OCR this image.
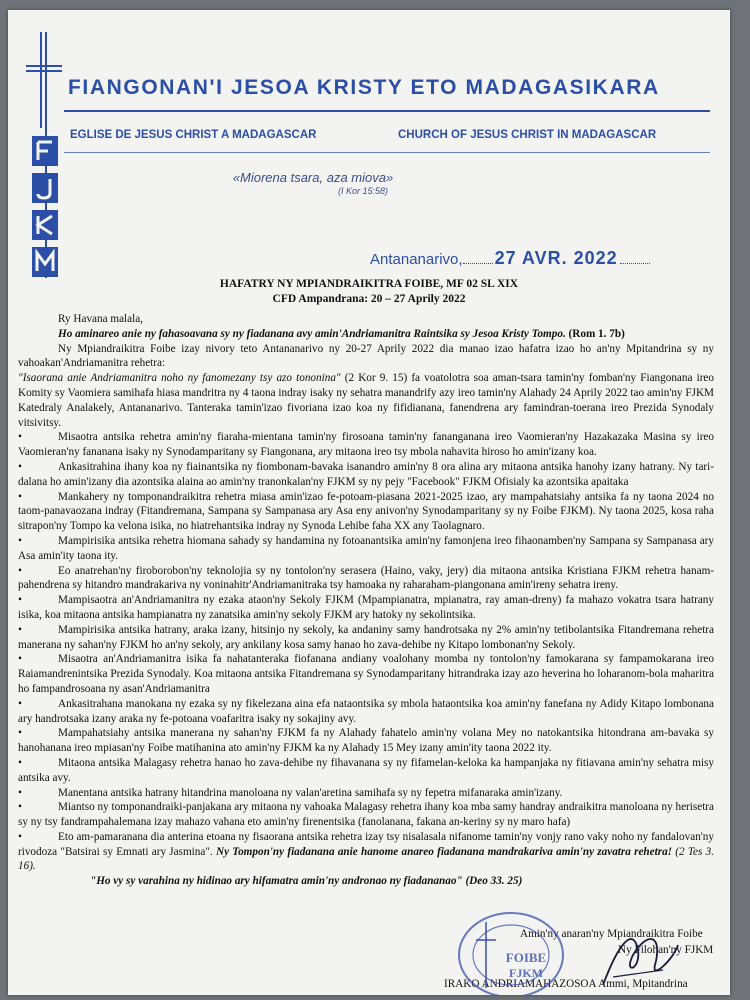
FIANGONAN'I JESOA KRISTY ETO MADAGASIKARA
EGLISE DE JESUS CHRIST A MADAGASCAR	CHURCH OF JESUS CHRIST IN MADAGASCAR
«Miorena tsara, aza miova»
(I Kor 15:58)
Antananarivo, 27 AVR. 2022
HAFATRY NY MPIANDRAIKITRA FOIBE, MF 02 SL XIX
CFD Ampandrana: 20 – 27 Aprily 2022

Ry Havana malala,

Ho aminareo anie ny fahasoavana sy ny fiadanana avy amin'Andriamanitra Raintsika sy Jesoa Kristy Tompo. (Rom 1. 7b)

Ny Mpiandraikitra Foibe izay nivory teto Antananarivo ny 20-27 Aprily 2022 dia manao izao hafatra izao ho an'ny Mpitandrina sy ny vahoakan'Andriamanitra rehetra:

"Isaorana anie Andriamanitra noho ny fanomezany tsy azo tononina" (2 Kor 9. 15) fa voatolotra soa aman-tsara tamin'ny fomban'ny Fiangonana ireo Komity sy Vaomiera samihafa hiasa mandritra ny 4 taona indray isaky ny sehatra manandrify azy ireo tamin'ny Alahady 24 Aprily 2022 tao amin'ny FJKM Katedraly Analakely, Antananarivo. Tanteraka tamin'izao fivoriana izao koa ny fifidianana, fanendrena ary famindran-toerana ireo Prezida Synodaly vitsivitsy.

•	Misaotra antsika rehetra amin'ny fiaraha-mientana tamin'ny firosoana tamin'ny fananganana ireo Vaomieran'ny Hazakazaka Masina sy ireo Vaomieran'ny fananana isaky ny Synodamparitany sy Fiangonana, ary mitaona ireo tsy mbola nahavita hiroso ho amin'izany koa.

•	Ankasitrahina ihany koa ny fiainantsika ny fiombonam-bavaka isanandro amin'ny 8 ora alina ary mitaona antsika hanohy izany hatrany. Ny tari-dalana ho amin'izany dia azontsika alaina ao amin'ny tranonkalan'ny FJKM sy ny pejy "Facebook" FJKM Ofisialy ka azontsika apaitaka

•	Mankahery ny tomponandraikitra rehetra miasa amin'izao fe-potoam-piasana 2021-2025 izao, ary mampahatsiahy antsika fa ny taona 2024 no taom-panavaozana indray (Fitandremana, Sampana sy Sampanasa ary Asa eny anivon'ny Synodamparitany sy ny Foibe FJKM). Ny taona 2025, kosa raha sitrapon'ny Tompo ka velona isika, no hiatrehantsika indray ny Synoda Lehibe faha XX any Taolagnaro.

•	Mampirisika antsika rehetra hiomana sahady sy handamina ny fotoanantsika amin'ny famonjena ireo fihaonamben'ny Sampana sy Sampanasa ary Asa amin'ity taona ity.

•	Eo anatrehan'ny firoborobon'ny teknolojia sy ny tontolon'ny serasera (Haino, vaky, jery) dia mitaona antsika Kristiana FJKM rehetra hanam-pahendrena sy hitandro mandrakariva ny voninahitr'Andriamanitraka tsy hamoaka ny raharaham-piangonana amin'ireny sehatra ireny.

•	Mampisaotra an'Andriamanitra ny ezaka ataon'ny Sekoly FJKM (Mpampianatra, mpianatra, ray aman-dreny) fa mahazo vokatra tsara hatrany isika, koa mitaona antsika hampianatra ny zanatsika amin'ny sekoly FJKM ary hatoky ny sekolintsika.

•	Mampirisika antsika hatrany, araka izany, hitsinjo ny sekoly, ka andaniny samy handrotsaka ny 2% amin'ny tetibolantsika Fitandremana rehetra manerana ny sahan'ny FJKM ho an'ny sekoly, ary ankilany kosa samy hanao ho zava-dehibe ny Kitapo lombonan'ny Sekoly.

•	Misaotra an'Andriamanitra isika fa nahatanteraka fiofanana andiany voalohany momba ny tontolon'ny famokarana sy fampamokarana ireo Raiamandrenintsika Prezida Synodaly. Koa mitaona antsika Fitandremana sy Synodamparitany hitrandraka izay azo heverina ho loharanom-bola maharitra ho fampandrosoana ny asan'Andriamanitra

•	Ankasitrahana manokana ny ezaka sy ny fikelezana aina efa nataontsika sy mbola hataontsika koa amin'ny fanefana ny Adidy Kitapo lombonana ary handrotsaka izany araka ny fe-potoana voafaritra isaky ny sokajiny avy.

•	Mampahatsiahy antsika manerana ny sahan'ny FJKM fa ny Alahady fahatelo amin'ny volana Mey no natokantsika hitondrana am-bavaka sy hanohanana ireo mpiasan'ny Foibe matihanina ato amin'ny FJKM ka ny Alahady 15 Mey izany amin'ity taona 2022 ity.

•	Mitaona antsika Malagasy rehetra hanao ho zava-dehibe ny fihavanana sy ny fifamelan-keloka ka hampanjaka ny fitiavana amin'ny sehatra misy antsika avy.

•	Manentana antsika hatrany hitandrina manoloana ny valan'aretina samihafa sy ny fepetra mifanaraka amin'izany.

•	Miantso ny tomponandraiki-panjakana ary mitaona ny vahoaka Malagasy rehetra ihany koa mba samy handray andraikitra manoloana ny herisetra sy ny tsy fandrampahalemana izay mahazo vahana eto amin'ny firenentsika (fanolanana, fakana an-keriny sy ny maro hafa)

•	Eto am-pamaranana dia anterina etoana ny fisaorana antsika rehetra izay tsy nisalasala nifanome tamin'ny vonjy rano vaky noho ny fandalovan'ny rivodoza "Batsirai sy Emnati ary Jasmina". Ny Tompon'ny fiadanana anie hanome anareo fiadanana mandrakariva amin'ny zavatra rehetra! (2 Tes 3. 16).

"Ho vy sy varahina ny hidinao ary hifamatra amin'ny andronao ny fiadananao" (Deo 33. 25)

Amin'ny anaran'ny Mpiandraikitra Foibe
Ny Filohan'ny FJKM
IRAKO ANDRIAMAHAZOSOA Ammi, Mpitandrina
FOIBE
FJKM
